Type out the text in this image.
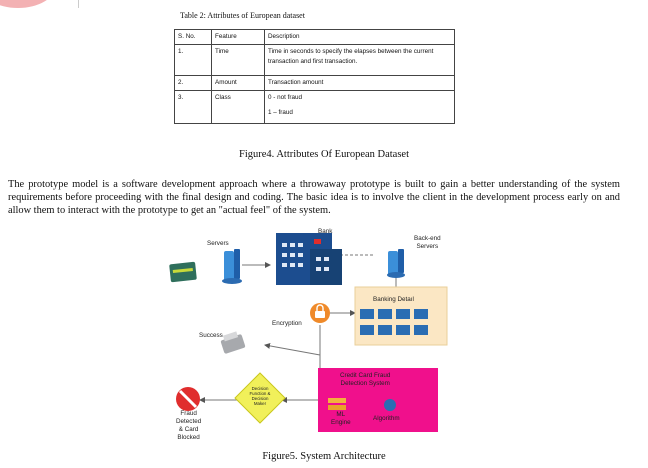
Table 2: Attributes of European dataset
S. No.	Feature	Description
1.	Time	Time in seconds to specify the elapses between the current transaction and first transaction.
2.	Amount	Transaction amount
3.	Class	0 - not fraud
1 – fraud
Figure4. Attributes Of European Dataset
The prototype model is a software development approach where a throwaway prototype is built to gain a better understanding of the system requirements before proceeding with the final design and coding. The basic idea is to involve the client in the development process early on and allow them to interact with the prototype to get an "actual feel" of the system.
Servers
Bank
Back-end
Servers
Banking Detaıl
Encryption
Success
Decision
Function &
Decision
Maker
Fraud
Detected
& Card
Blocked
Credit Card Fraud
Detection System
ML
Engine
Algorithm
Figure5. System Architecture
